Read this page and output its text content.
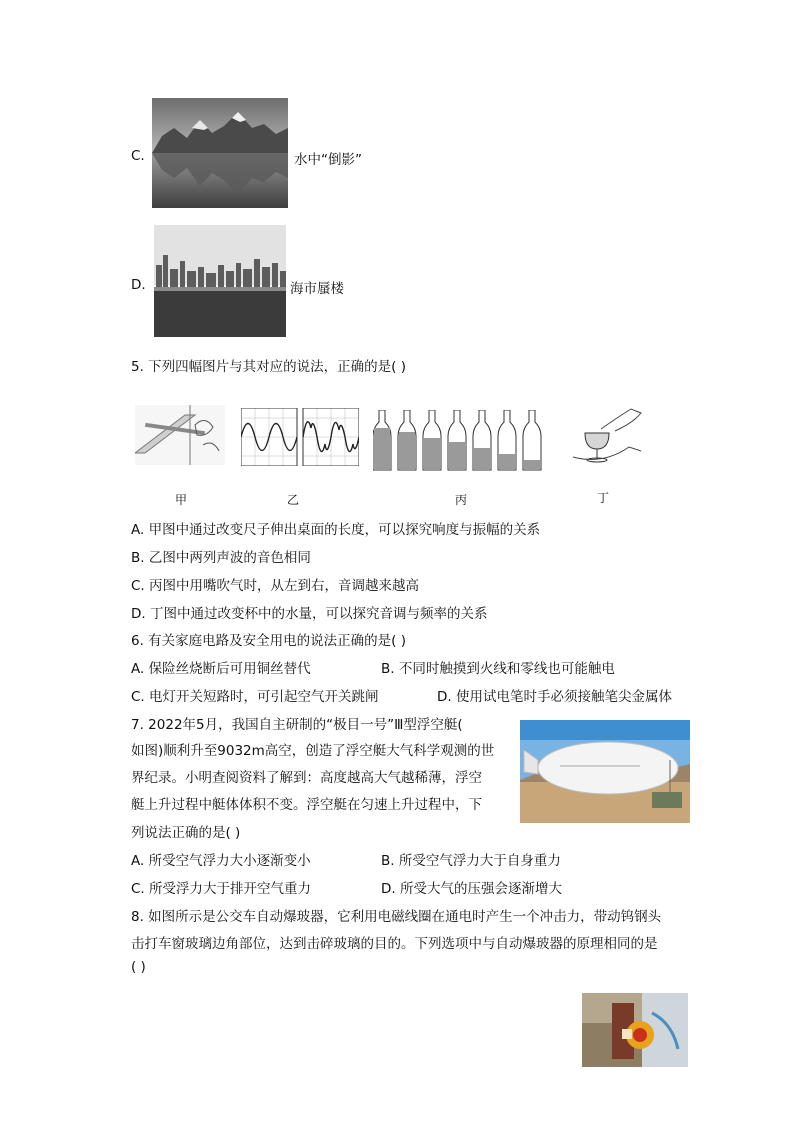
C.	水中“倒影”
D.	海市蜃楼
5. 下列四幅图片与其对应的说法，正确的是( )
甲	乙	丙	丁
A. 甲图中通过改变尺子伸出桌面的长度，可以探究响度与振幅的关系
B. 乙图中两列声波的音色相同
C. 丙图中用嘴吹气时，从左到右，音调越来越高
D. 丁图中通过改变杯中的水量，可以探究音调与频率的关系
6. 有关家庭电路及安全用电的说法正确的是( )
A. 保险丝烧断后可用铜丝替代	B. 不同时触摸到火线和零线也可能触电
C. 电灯开关短路时，可引起空气开关跳闸	D. 使用试电笔时手必须接触笔尖金属体
7. 2022年5月，我国自主研制的“极目一号”Ⅲ型浮空艇(
如图)顺利升至9032m高空，创造了浮空艇大气科学观测的世
界纪录。小明查阅资料了解到：高度越高大气越稀薄，浮空
艇上升过程中艇体体积不变。浮空艇在匀速上升过程中，下
列说法正确的是( )
A. 所受空气浮力大小逐渐变小	B. 所受空气浮力大于自身重力
C. 所受浮力大于排开空气重力	D. 所受大气的压强会逐渐增大
8. 如图所示是公交车自动爆玻器，它利用电磁线圈在通电时产生一个冲击力，带动钨钢头
击打车窗玻璃边角部位，达到击碎玻璃的目的。下列选项中与自动爆玻器的原理相同的是
( )
